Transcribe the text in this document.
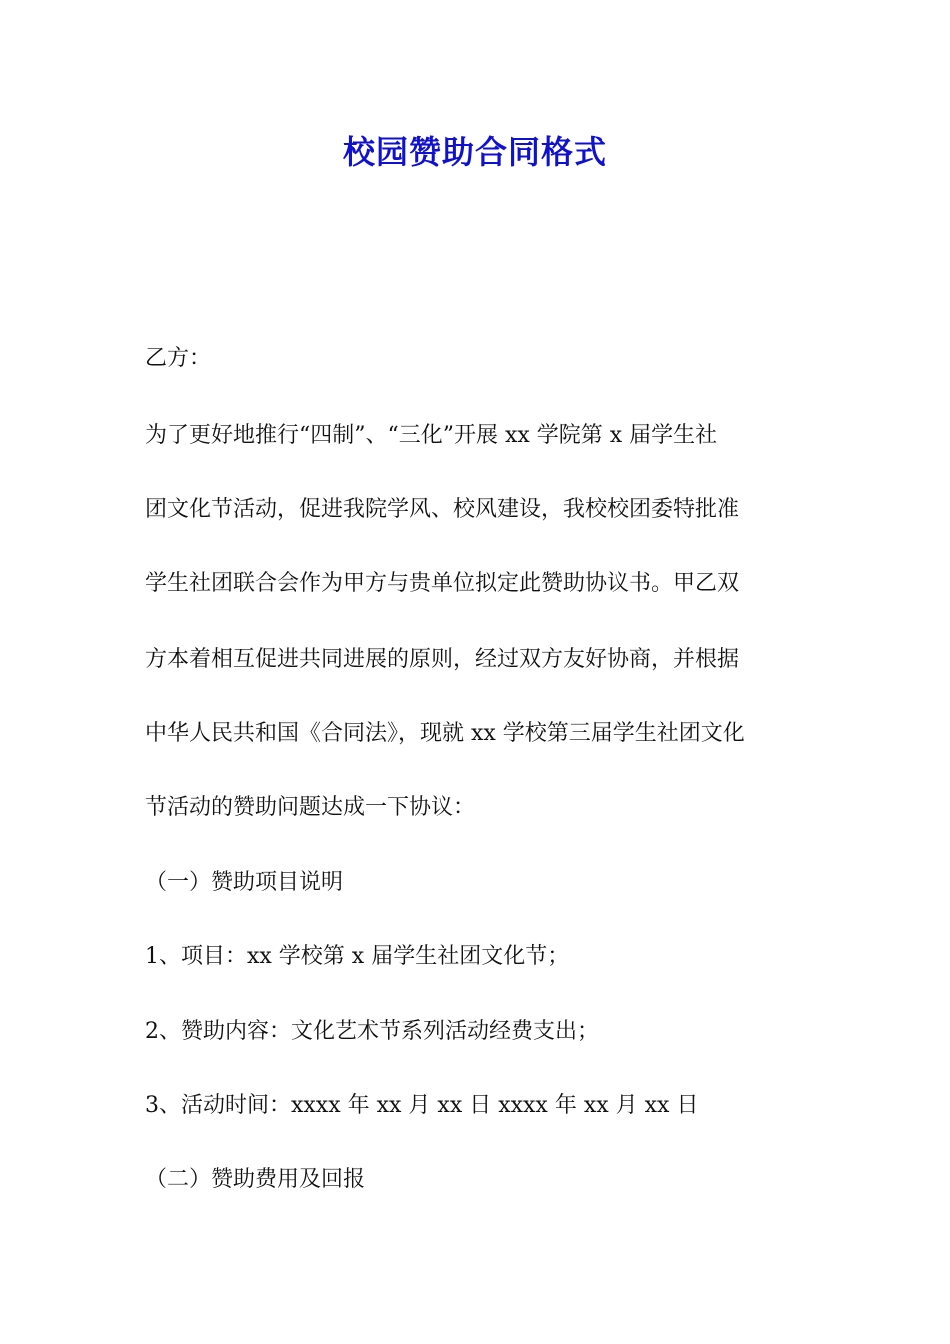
校园赞助合同格式
乙方：
为了更好地推行“四制”、“三化”开展 xx 学院第 x 届学生社
团文化节活动，促进我院学风、校风建设，我校校团委特批准
学生社团联合会作为甲方与贵单位拟定此赞助协议书。甲乙双
方本着相互促进共同进展的原则，经过双方友好协商，并根据
中华人民共和国《合同法》，现就 xx 学校第三届学生社团文化
节活动的赞助问题达成一下协议：
（一）赞助项目说明
1、项目：xx 学校第 x 届学生社团文化节；
2、赞助内容：文化艺术节系列活动经费支出；
3、活动时间：xxxx 年 xx 月 xx 日 xxxx 年 xx 月 xx 日
（二）赞助费用及回报
